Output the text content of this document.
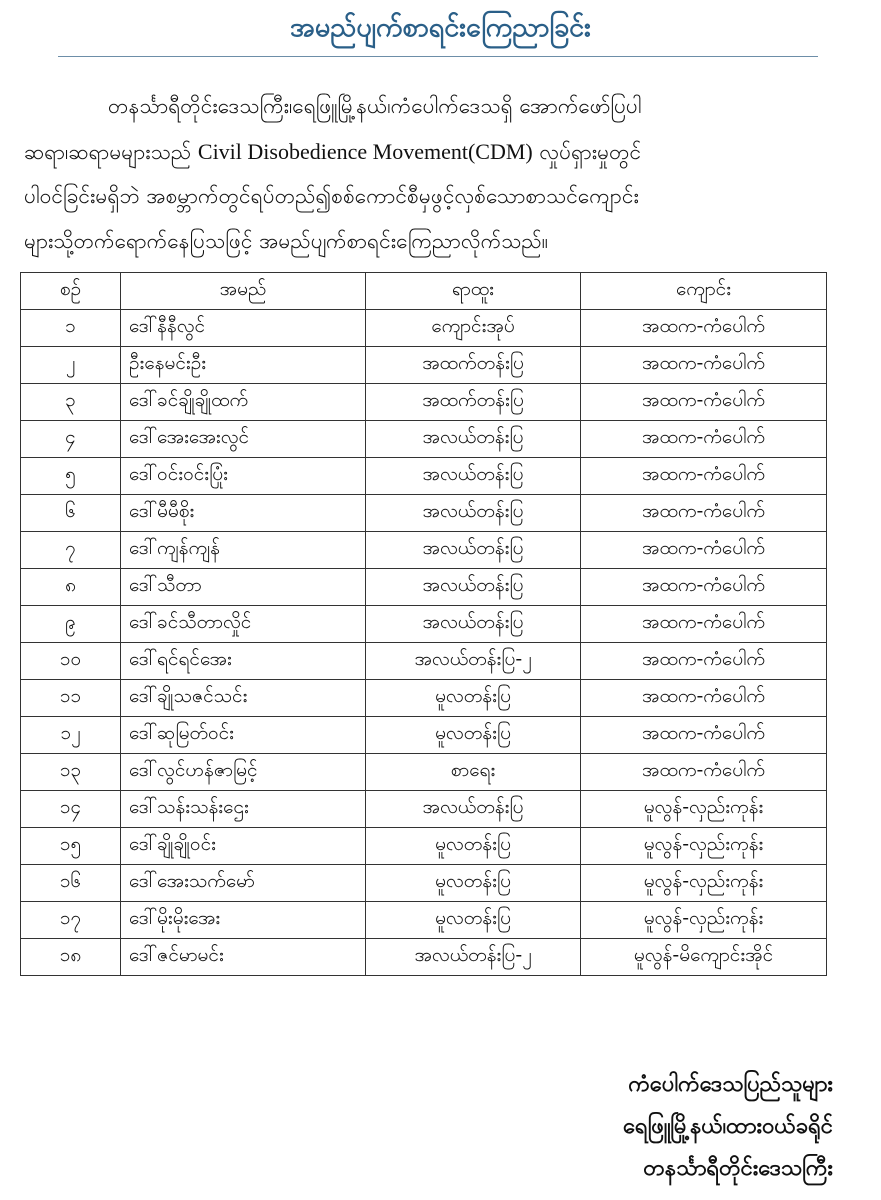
အမည်ပျက်စာရင်းကြေညာခြင်း
တနင်္သာရီတိုင်းဒေသကြီး၊ရေဖြူမြို့နယ်၊ကံပေါက်ဒေသရှိ အောက်ဖော်ပြပါ
ဆရာ၊ဆရာမများသည် Civil Disobedience Movement(CDM) လှုပ်ရှားမှုတွင်
ပါဝင်ခြင်းမရှိဘဲ အစမ္ဘာက်တွင်ရပ်တည်၍စစ်ကောင်စီမှဖွင့်လှစ်သောစာသင်ကျောင်း
များသို့တက်ရောက်နေပြသဖြင့် အမည်ပျက်စာရင်းကြေညာလိုက်သည်။
စဉ်	အမည်	ရာထူး	ကျောင်း
၁	ဒေါ်နီနီလွင်	ကျောင်းအုပ်	အထက-ကံပေါက်
၂	ဦးနေမင်းဦး	အထက်တန်းပြ	အထက-ကံပေါက်
၃	ဒေါ်ခင်ချိုချိုထက်	အထက်တန်းပြ	အထက-ကံပေါက်
၄	ဒေါ်အေးအေးလွင်	အလယ်တန်းပြ	အထက-ကံပေါက်
၅	ဒေါ်ဝင်းဝင်းပြုံး	အလယ်တန်းပြ	အထက-ကံပေါက်
၆	ဒေါ်မီမီစိုး	အလယ်တန်းပြ	အထက-ကံပေါက်
၇	ဒေါ်ကျန်ကျန်	အလယ်တန်းပြ	အထက-ကံပေါက်
၈	ဒေါ်သီတာ	အလယ်တန်းပြ	အထက-ကံပေါက်
၉	ဒေါ်ခင်သီတာလှိုင်	အလယ်တန်းပြ	အထက-ကံပေါက်
၁၀	ဒေါ်ရင်ရင်အေး	အလယ်တန်းပြ-၂	အထက-ကံပေါက်
၁၁	ဒေါ်ချိုသဇင်သင်း	မူလတန်းပြ	အထက-ကံပေါက်
၁၂	ဒေါ်ဆုမြတ်ဝင်း	မူလတန်းပြ	အထက-ကံပေါက်
၁၃	ဒေါ်လွင်ဟန်ဇာမြင့်	စာရေး	အထက-ကံပေါက်
၁၄	ဒေါ်သန်းသန်းဌေး	အလယ်တန်းပြ	မူလွန်-လှည်းကုန်း
၁၅	ဒေါ်ချိုချိုဝင်း	မူလတန်းပြ	မူလွန်-လှည်းကုန်း
၁၆	ဒေါ်အေးသက်မော်	မူလတန်းပြ	မူလွန်-လှည်းကုန်း
၁၇	ဒေါ်မိုးမိုးအေး	မူလတန်းပြ	မူလွန်-လှည်းကုန်း
၁၈	ဒေါ်ဇင်မာမင်း	အလယ်တန်းပြ-၂	မူလွန်-မိကျောင်းအိုင်
ကံပေါက်ဒေသပြည်သူများ
ရေဖြူမြို့နယ်၊ထားဝယ်ခရိုင်
တနင်္သာရီတိုင်းဒေသကြီး
